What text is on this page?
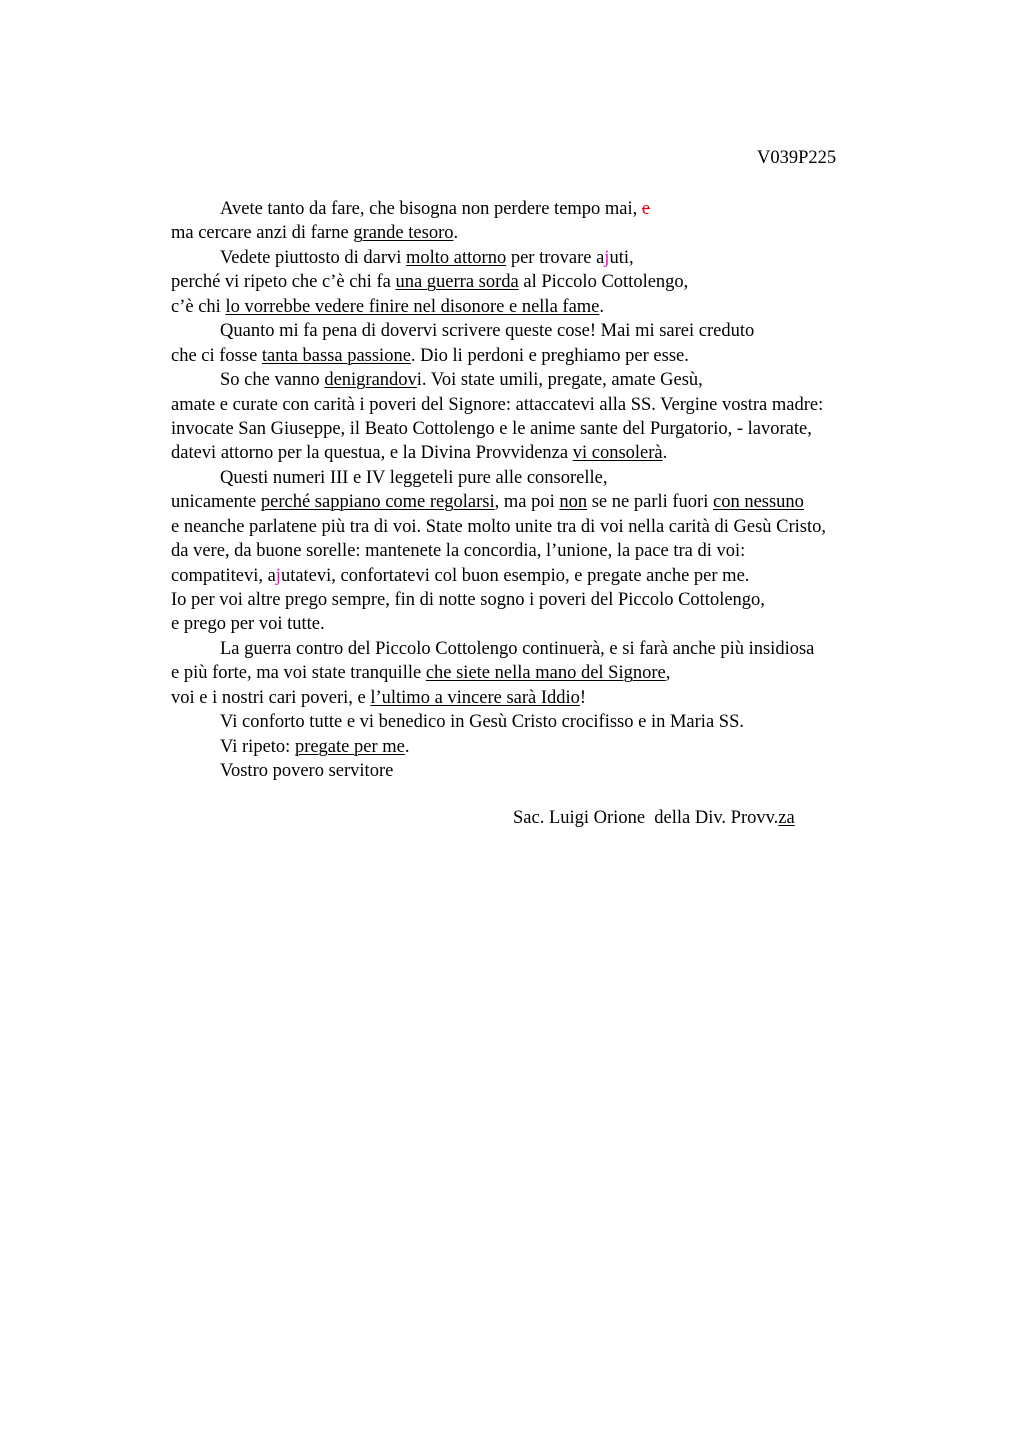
V039P225
Avete tanto da fare, che bisogna non perdere tempo mai, e
ma cercare anzi di farne grande tesoro.
Vedete piuttosto di darvi molto attorno per trovare ajuti,
perché vi ripeto che c’è chi fa una guerra sorda al Piccolo Cottolengo,
c’è chi lo vorrebbe vedere finire nel disonore e nella fame.
Quanto mi fa pena di dovervi scrivere queste cose! Mai mi sarei creduto
che ci fosse tanta bassa passione. Dio li perdoni e preghiamo per esse.
So che vanno denigrandovi. Voi state umili, pregate, amate Gesù,
amate e curate con carità i poveri del Signore: attaccatevi alla SS. Vergine vostra madre:
invocate San Giuseppe, il Beato Cottolengo e le anime sante del Purgatorio, - lavorate,
datevi attorno per la questua, e la Divina Provvidenza vi consolerà.
Questi numeri III e IV leggeteli pure alle consorelle,
unicamente perché sappiano come regolarsi, ma poi non se ne parli fuori con nessuno
e neanche parlatene più tra di voi. State molto unite tra di voi nella carità di Gesù Cristo,
da vere, da buone sorelle: mantenete la concordia, l’unione, la pace tra di voi:
compatitevi, ajutatevi, confortatevi col buon esempio, e pregate anche per me.
Io per voi altre prego sempre, fin di notte sogno i poveri del Piccolo Cottolengo,
e prego per voi tutte.
La guerra contro del Piccolo Cottolengo continuerà, e si farà anche più insidiosa
e più forte, ma voi state tranquille che siete nella mano del Signore,
voi e i nostri cari poveri, e l’ultimo a vincere sarà Iddio!
Vi conforto tutte e vi benedico in Gesù Cristo crocifisso e in Maria SS.
Vi ripeto: pregate per me.
Vostro povero servitore
Sac. Luigi Orione  della Div. Provv.za
